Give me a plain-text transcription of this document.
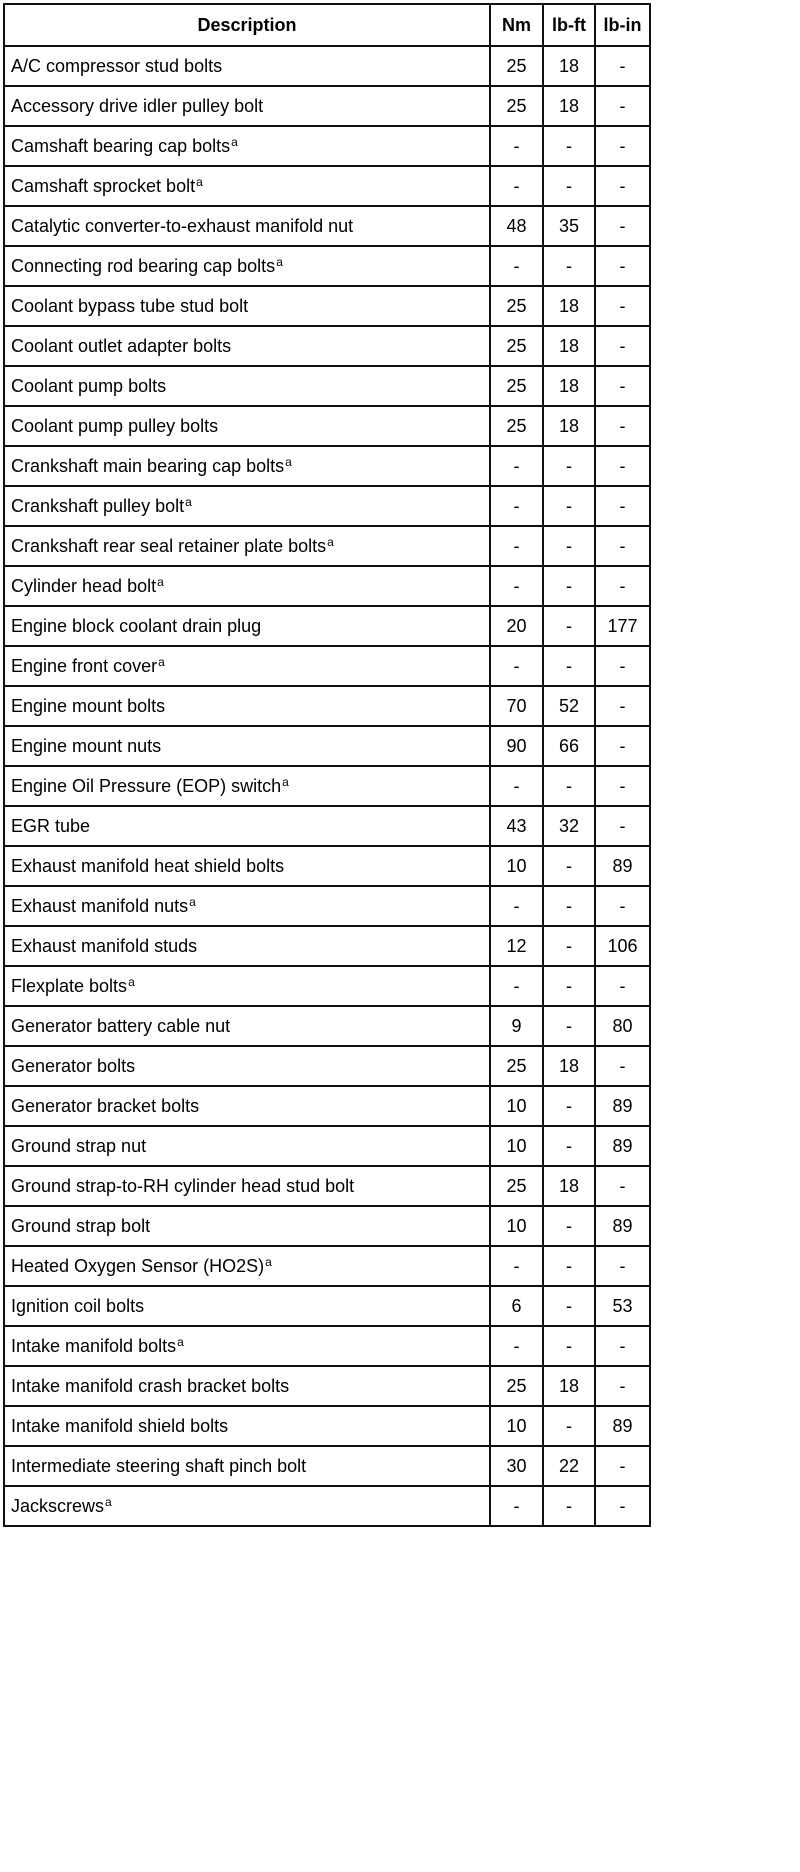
Description	Nm	lb-ft	lb-in
A/C compressor stud bolts	25	18	-
Accessory drive idler pulley bolt	25	18	-
Camshaft bearing cap bolts$^a$	-	-	-
Camshaft sprocket bolt$^a$	-	-	-
Catalytic converter-to-exhaust manifold nut	48	35	-
Connecting rod bearing cap bolts$^a$	-	-	-
Coolant bypass tube stud bolt	25	18	-
Coolant outlet adapter bolts	25	18	-
Coolant pump bolts	25	18	-
Coolant pump pulley bolts	25	18	-
Crankshaft main bearing cap bolts$^a$	-	-	-
Crankshaft pulley bolt$^a$	-	-	-
Crankshaft rear seal retainer plate bolts$^a$	-	-	-
Cylinder head bolt$^a$	-	-	-
Engine block coolant drain plug	20	-	177
Engine front cover$^a$	-	-	-
Engine mount bolts	70	52	-
Engine mount nuts	90	66	-
Engine Oil Pressure (EOP) switch$^a$	-	-	-
EGR tube	43	32	-
Exhaust manifold heat shield bolts	10	-	89
Exhaust manifold nuts$^a$	-	-	-
Exhaust manifold studs	12	-	106
Flexplate bolts$^a$	-	-	-
Generator battery cable nut	9	-	80
Generator bolts	25	18	-
Generator bracket bolts	10	-	89
Ground strap nut	10	-	89
Ground strap-to-RH cylinder head stud bolt	25	18	-
Ground strap bolt	10	-	89
Heated Oxygen Sensor (HO2S)$^a$	-	-	-
Ignition coil bolts	6	-	53
Intake manifold bolts$^a$	-	-	-
Intake manifold crash bracket bolts	25	18	-
Intake manifold shield bolts	10	-	89
Intermediate steering shaft pinch bolt	30	22	-
Jackscrews$^a$	-	-	-
